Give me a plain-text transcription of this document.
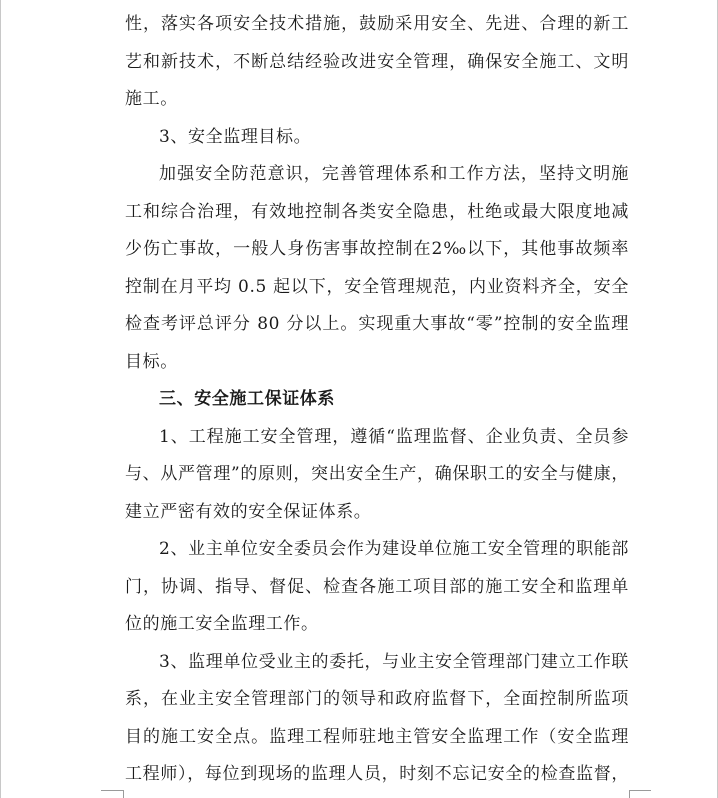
性，落实各项安全技术措施，鼓励采用安全、先进、合理的新工
艺和新技术，不断总结经验改进安全管理，确保安全施工、文明
施工。
3、安全监理目标。
加强安全防范意识，完善管理体系和工作方法，坚持文明施
工和综合治理，有效地控制各类安全隐患，杜绝或最大限度地减
少伤亡事故，一般人身伤害事故控制在2‰以下，其他事故频率
控制在月平均 0.5 起以下，安全管理规范，内业资料齐全，安全
检查考评总评分 80 分以上。实现重大事故“零”控制的安全监理
目标。
三、安全施工保证体系
1、工程施工安全管理，遵循“监理监督、企业负责、全员参
与、从严管理”的原则，突出安全生产，确保职工的安全与健康，
建立严密有效的安全保证体系。
2、业主单位安全委员会作为建设单位施工安全管理的职能部
门，协调、指导、督促、检查各施工项目部的施工安全和监理单
位的施工安全监理工作。
3、监理单位受业主的委托，与业主安全管理部门建立工作联
系，在业主安全管理部门的领导和政府监督下，全面控制所监项
目的施工安全点。监理工程师驻地主管安全监理工作（安全监理
工程师），每位到现场的监理人员，时刻不忘记安全的检查监督，
